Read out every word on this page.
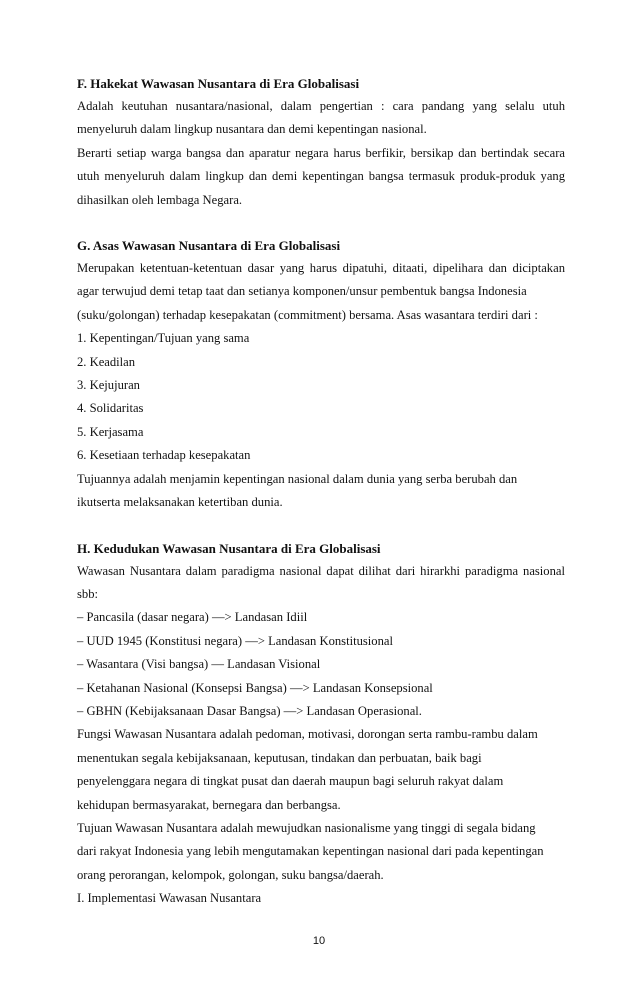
F. Hakekat Wawasan Nusantara di Era Globalisasi
Adalah keutuhan nusantara/nasional, dalam pengertian : cara pandang yang selalu utuh
menyeluruh dalam lingkup nusantara dan demi kepentingan nasional.
Berarti setiap warga bangsa dan aparatur negara harus berfikir, bersikap dan bertindak secara
utuh menyeluruh dalam lingkup dan demi kepentingan bangsa termasuk produk-produk yang
dihasilkan oleh lembaga Negara.
G. Asas Wawasan Nusantara di Era Globalisasi
Merupakan ketentuan-ketentuan dasar yang harus dipatuhi, ditaati, dipelihara dan diciptakan
agar terwujud demi tetap taat dan setianya komponen/unsur pembentuk bangsa Indonesia
(suku/golongan) terhadap kesepakatan (commitment) bersama. Asas wasantara terdiri dari :
1. Kepentingan/Tujuan yang sama
2. Keadilan
3. Kejujuran
4. Solidaritas
5. Kerjasama
6. Kesetiaan terhadap kesepakatan
Tujuannya adalah menjamin kepentingan nasional dalam dunia yang serba berubah dan
ikutserta melaksanakan ketertiban dunia.
H. Kedudukan Wawasan Nusantara di Era Globalisasi
Wawasan Nusantara dalam paradigma nasional dapat dilihat dari hirarkhi paradigma nasional
sbb:
– Pancasila (dasar negara) —> Landasan Idiil
– UUD 1945 (Konstitusi negara) —> Landasan Konstitusional
– Wasantara (Visi bangsa) — Landasan Visional
– Ketahanan Nasional (Konsepsi Bangsa) —> Landasan Konsepsional
– GBHN (Kebijaksanaan Dasar Bangsa) —> Landasan Operasional.
Fungsi Wawasan Nusantara adalah pedoman, motivasi, dorongan serta rambu-rambu dalam
menentukan segala kebijaksanaan, keputusan, tindakan dan perbuatan, baik bagi
penyelenggara negara di tingkat pusat dan daerah maupun bagi seluruh rakyat dalam
kehidupan bermasyarakat, bernegara dan berbangsa.
Tujuan Wawasan Nusantara adalah mewujudkan nasionalisme yang tinggi di segala bidang
dari rakyat Indonesia yang lebih mengutamakan kepentingan nasional dari pada kepentingan
orang perorangan, kelompok, golongan, suku bangsa/daerah.
I. Implementasi Wawasan Nusantara
10
